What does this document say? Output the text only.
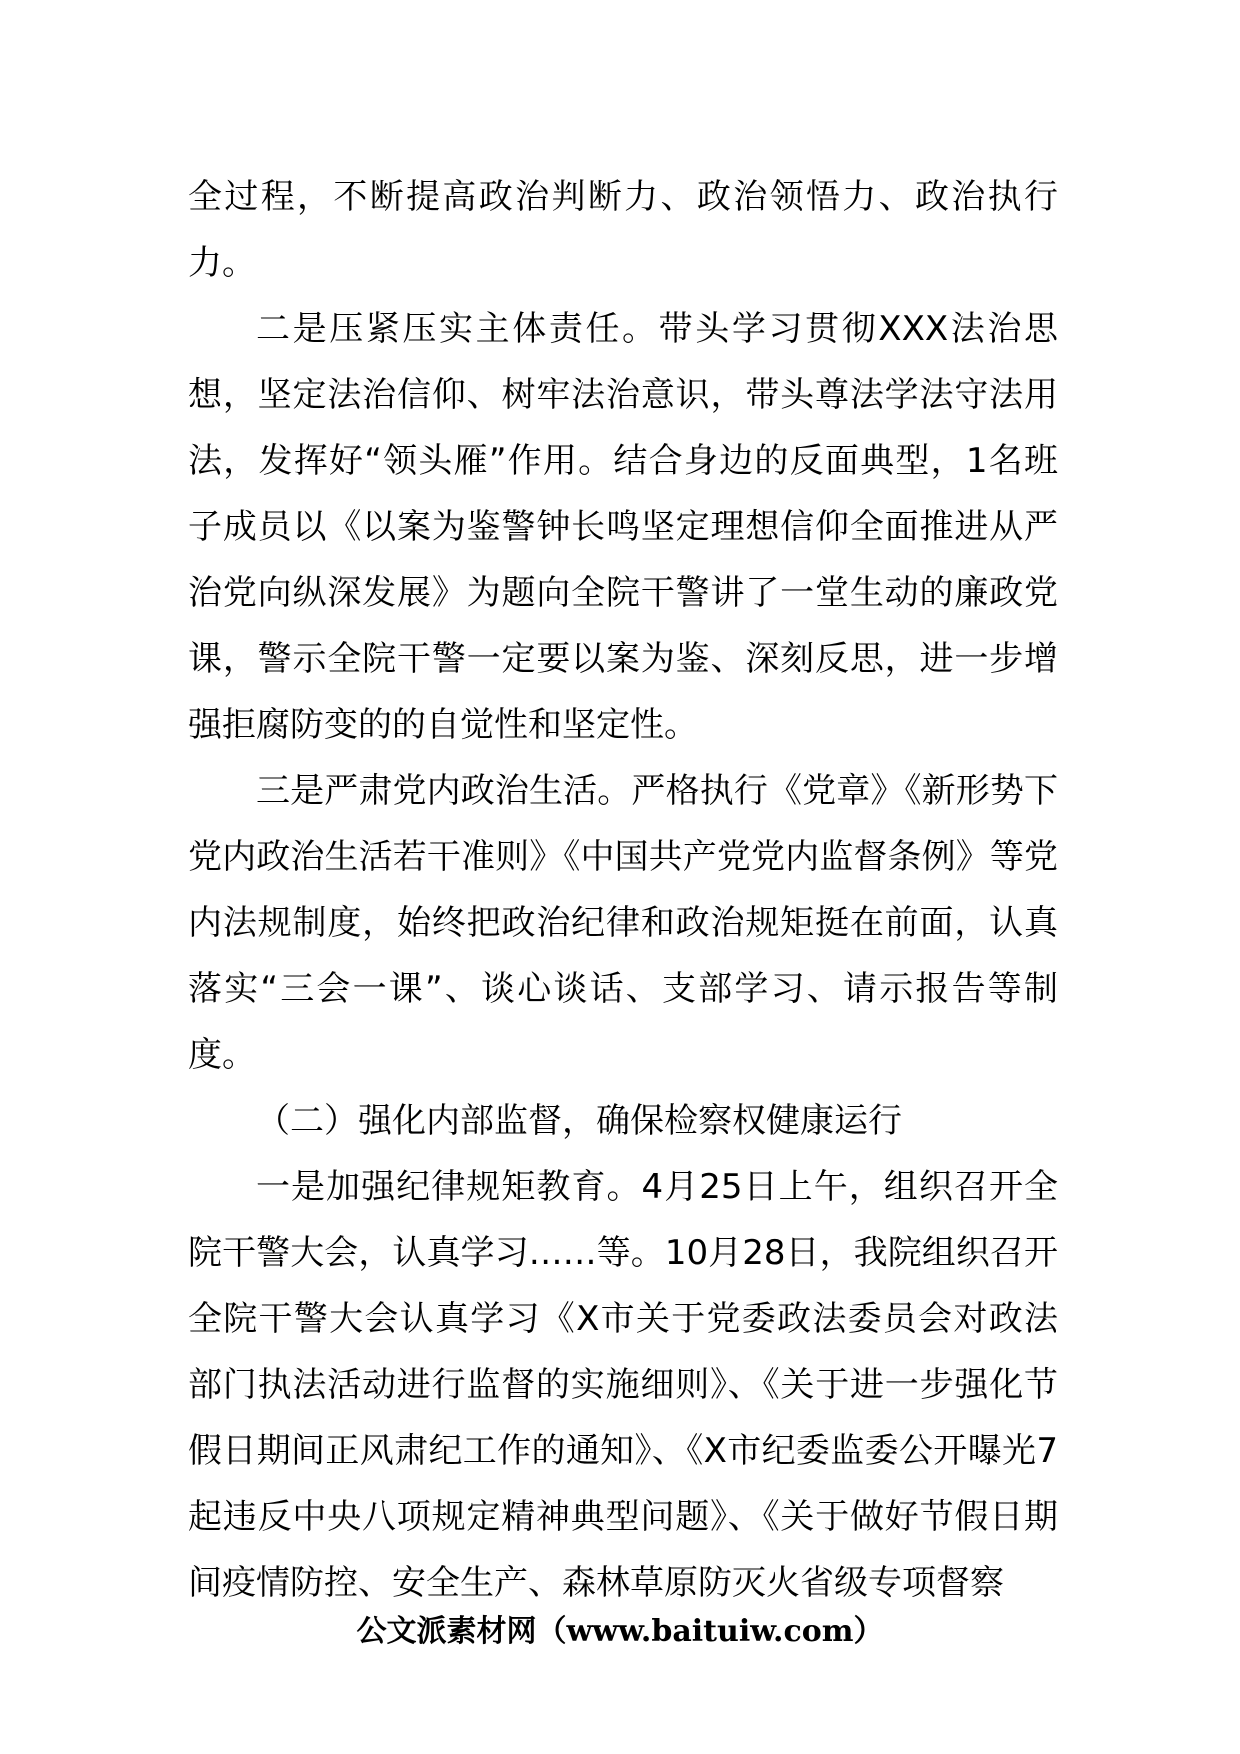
全过程，不断提高政治判断力、政治领悟力、政治执行力。

二是压紧压实主体责任。带头学习贯彻XXX法治思想，坚定法治信仰、树牢法治意识，带头尊法学法守法用法，发挥好“领头雁”作用。结合身边的反面典型，1名班子成员以《以案为鉴警钟长鸣坚定理想信仰全面推进从严治党向纵深发展》为题向全院干警讲了一堂生动的廉政党课，警示全院干警一定要以案为鉴、深刻反思，进一步增强拒腐防变的的自觉性和坚定性。

三是严肃党内政治生活。严格执行《党章》《新形势下党内政治生活若干准则》《中国共产党党内监督条例》等党内法规制度，始终把政治纪律和政治规矩挺在前面，认真落实“三会一课”、谈心谈话、支部学习、请示报告等制度。

（二）强化内部监督，确保检察权健康运行

一是加强纪律规矩教育。4月25日上午，组织召开全院干警大会，认真学习……等。10月28日，我院组织召开全院干警大会认真学习《X市关于党委政法委员会对政法部门执法活动进行监督的实施细则》、《关于进一步强化节假日期间正风肃纪工作的通知》、《X市纪委监委公开曝光7起违反中央八项规定精神典型问题》、《关于做好节假日期间疫情防控、安全生产、森林草原防灭火省级专项督察

公文派素材网（www.baituiw.com）
